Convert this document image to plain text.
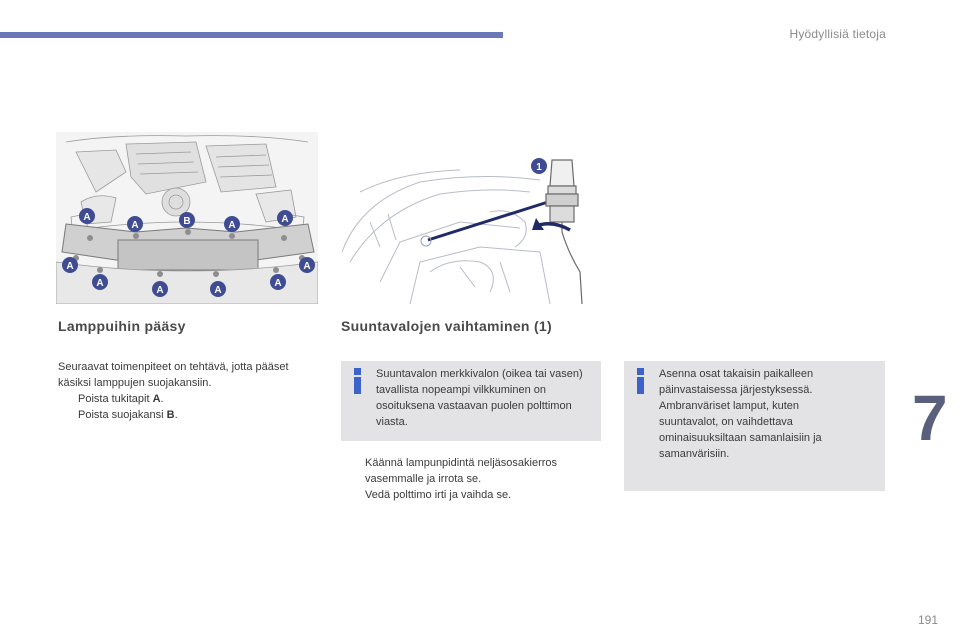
Hyödyllisiä tietoja
7
A
A	B	A
A
A
A
A	A
A
A
1
Lamppuihin pääsy
Seuraavat toimenpiteet on tehtävä, jotta pääset käsiksi lamppujen suojakansiin.
Poista tukitapit A.
Poista suojakansi B.
Suuntavalojen vaihtaminen (1)
Suuntavalon merkkivalon (oikea tai vasen) tavallista nopeampi vilkkuminen on osoituksena vastaavan puolen polttimon viasta.
Käännä lampunpidintä neljäsosakierros vasemmalle ja irrota se.
Vedä polttimo irti ja vaihda se.
Asenna osat takaisin paikalleen päinvastaisessa järjestyksessä. Ambranväriset lamput, kuten suuntavalot, on vaihdettava ominaisuuksiltaan samanlaisiin ja samanvärisiin.
191
